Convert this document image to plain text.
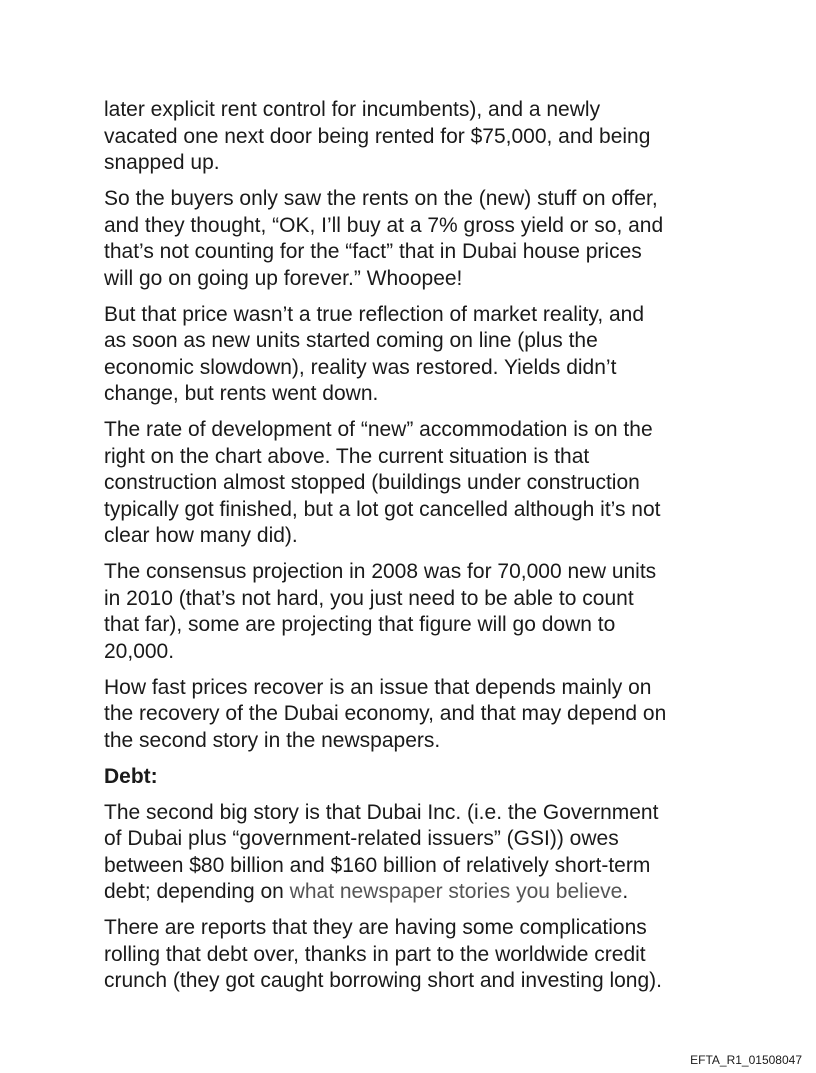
later explicit rent control for incumbents), and a newly
vacated one next door being rented for $75,000, and being
snapped up.

So the buyers only saw the rents on the (new) stuff on offer,
and they thought, “OK, I’ll buy at a 7% gross yield or so, and
that’s not counting for the “fact” that in Dubai house prices
will go on going up forever.” Whoopee!

But that price wasn’t a true reflection of market reality, and
as soon as new units started coming on line (plus the
economic slowdown), reality was restored. Yields didn’t
change, but rents went down.

The rate of development of “new” accommodation is on the
right on the chart above. The current situation is that
construction almost stopped (buildings under construction
typically got finished, but a lot got cancelled although it’s not
clear how many did).

The consensus projection in 2008 was for 70,000 new units
in 2010 (that’s not hard, you just need to be able to count
that far), some are projecting that figure will go down to
20,000.

How fast prices recover is an issue that depends mainly on
the recovery of the Dubai economy, and that may depend on
the second story in the newspapers.

Debt:

The second big story is that Dubai Inc. (i.e. the Government
of Dubai plus “government-related issuers” (GSI)) owes
between $80 billion and $160 billion of relatively short-term
debt; depending on what newspaper stories you believe.

There are reports that they are having some complications
rolling that debt over, thanks in part to the worldwide credit
crunch (they got caught borrowing short and investing long).

EFTA_R1_01508047
